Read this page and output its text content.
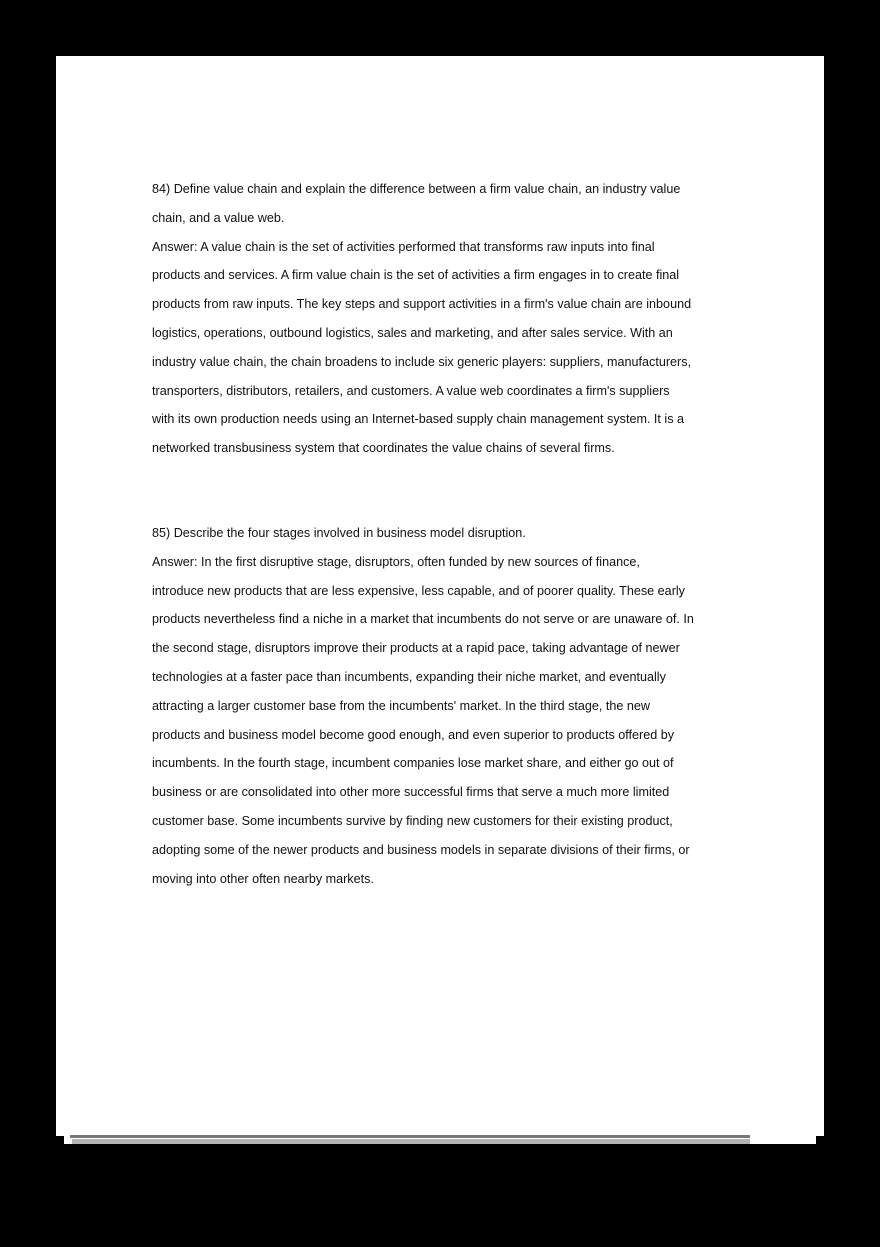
84) Define value chain and explain the difference between a firm value chain, an industry value
chain, and a value web.
Answer: A value chain is the set of activities performed that transforms raw inputs into final
products and services. A firm value chain is the set of activities a firm engages in to create final
products from raw inputs. The key steps and support activities in a firm's value chain are inbound
logistics, operations, outbound logistics, sales and marketing, and after sales service. With an
industry value chain, the chain broadens to include six generic players: suppliers, manufacturers,
transporters, distributors, retailers, and customers. A value web coordinates a firm's suppliers
with its own production needs using an Internet-based supply chain management system. It is a
networked transbusiness system that coordinates the value chains of several firms.
85) Describe the four stages involved in business model disruption.
Answer: In the first disruptive stage, disruptors, often funded by new sources of finance,
introduce new products that are less expensive, less capable, and of poorer quality. These early
products nevertheless find a niche in a market that incumbents do not serve or are unaware of. In
the second stage, disruptors improve their products at a rapid pace, taking advantage of newer
technologies at a faster pace than incumbents, expanding their niche market, and eventually
attracting a larger customer base from the incumbents' market. In the third stage, the new
products and business model become good enough, and even superior to products offered by
incumbents. In the fourth stage, incumbent companies lose market share, and either go out of
business or are consolidated into other more successful firms that serve a much more limited
customer base. Some incumbents survive by finding new customers for their existing product,
adopting some of the newer products and business models in separate divisions of their firms, or
moving into other often nearby markets.
